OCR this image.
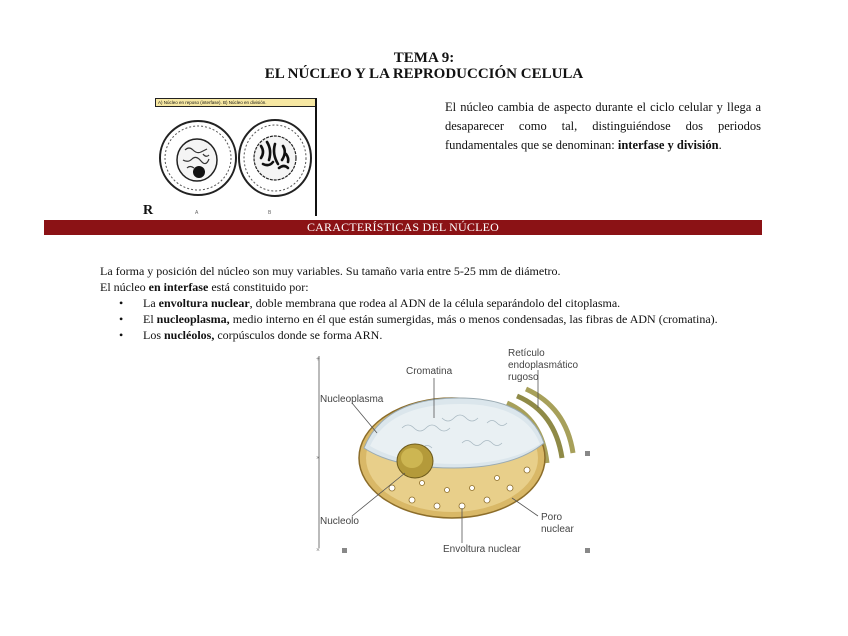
TEMA 9:
EL NÚCLEO Y LA REPRODUCCIÓN CELULA
A) Núcleo en reposo (interfase). B) Núcleo en división.
A	B
R
El núcleo cambia de aspecto durante el ciclo celular y llega a desaparecer como tal, distinguiéndose dos periodos fundamentales que se denominan: interfase y división.
CARACTERÍSTICAS DEL NÚCLEO

La forma y posición del núcleo son muy variables. Su tamaño varia entre 5-25 mm de diámetro.

El núcleo en interfase está constituido por:

• La envoltura nuclear, doble membrana que rodea al ADN de la célula separándolo del citoplasma.
• El nucleoplasma, medio interno en él que están sumergidas, más o menos condensadas, las fibras de ADN (cromatina).
• Los nucléolos, corpúsculos donde se forma ARN.
+
×
×
Retículo endoplasmático rugoso
Cromatina
Nucleoplasma
Nucleolo	Poro nuclear
Envoltura nuclear
